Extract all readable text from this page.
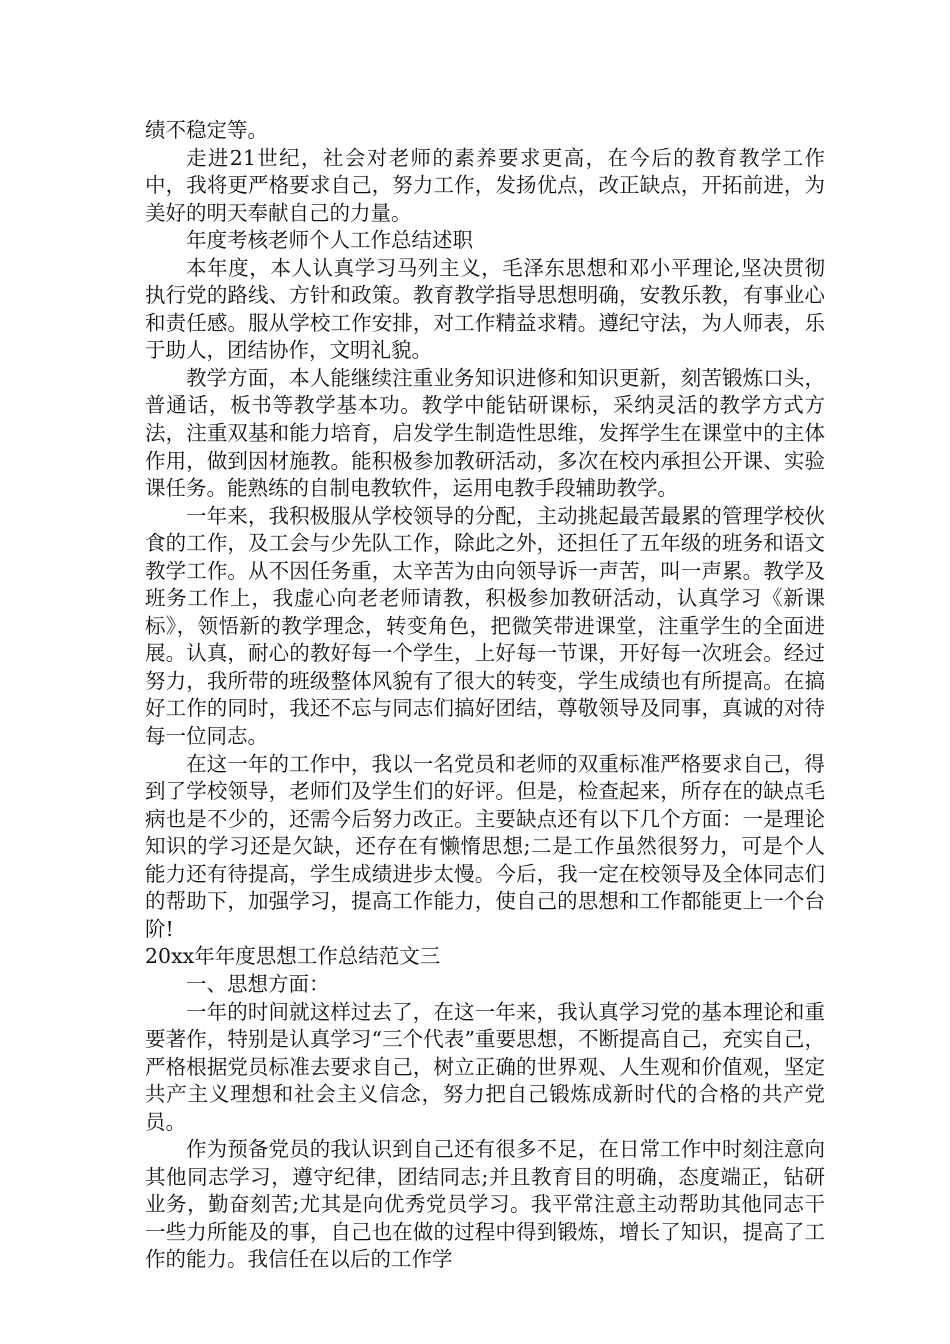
绩不稳定等。

走进21世纪，社会对老师的素养要求更高，在今后的教育教学工作中，我将更严格要求自己，努力工作，发扬优点，改正缺点，开拓前进，为美好的明天奉献自己的力量。

年度考核老师个人工作总结述职

本年度，本人认真学习马列主义，毛泽东思想和邓小平理论,坚决贯彻执行党的路线、方针和政策。教育教学指导思想明确，安教乐教，有事业心和责任感。服从学校工作安排，对工作精益求精。遵纪守法，为人师表，乐于助人，团结协作，文明礼貌。

教学方面，本人能继续注重业务知识进修和知识更新，刻苦锻炼口头，普通话，板书等教学基本功。教学中能钻研课标，采纳灵活的教学方式方法，注重双基和能力培育，启发学生制造性思维，发挥学生在课堂中的主体作用，做到因材施教。能积极参加教研活动，多次在校内承担公开课、实验课任务。能熟练的自制电教软件，运用电教手段辅助教学。

一年来，我积极服从学校领导的分配，主动挑起最苦最累的管理学校伙食的工作，及工会与少先队工作，除此之外，还担任了五年级的班务和语文教学工作。从不因任务重，太辛苦为由向领导诉一声苦，叫一声累。教学及班务工作上，我虚心向老老师请教，积极参加教研活动，认真学习《新课标》，领悟新的教学理念，转变角色，把微笑带进课堂，注重学生的全面进展。认真，耐心的教好每一个学生，上好每一节课，开好每一次班会。经过努力，我所带的班级整体风貌有了很大的转变，学生成绩也有所提高。在搞好工作的同时，我还不忘与同志们搞好团结，尊敬领导及同事，真诚的对待每一位同志。

在这一年的工作中，我以一名党员和老师的双重标准严格要求自己，得到了学校领导，老师们及学生们的好评。但是，检查起来，所存在的缺点毛病也是不少的，还需今后努力改正。主要缺点还有以下几个方面：一是理论知识的学习还是欠缺，还存在有懒惰思想;二是工作虽然很努力，可是个人能力还有待提高，学生成绩进步太慢。今后，我一定在校领导及全体同志们的帮助下，加强学习，提高工作能力，使自己的思想和工作都能更上一个台阶!

20xx年年度思想工作总结范文三

一、思想方面：

一年的时间就这样过去了，在这一年来，我认真学习党的基本理论和重要著作，特别是认真学习“三个代表”重要思想，不断提高自己，充实自己，严格根据党员标准去要求自己，树立正确的世界观、人生观和价值观，坚定共产主义理想和社会主义信念，努力把自己锻炼成新时代的合格的共产党员。

作为预备党员的我认识到自己还有很多不足，在日常工作中时刻注意向其他同志学习，遵守纪律，团结同志;并且教育目的明确，态度端正，钻研业务，勤奋刻苦;尤其是向优秀党员学习。我平常注意主动帮助其他同志干一些力所能及的事，自己也在做的过程中得到锻炼，增长了知识，提高了工作的能力。我信任在以后的工作学
